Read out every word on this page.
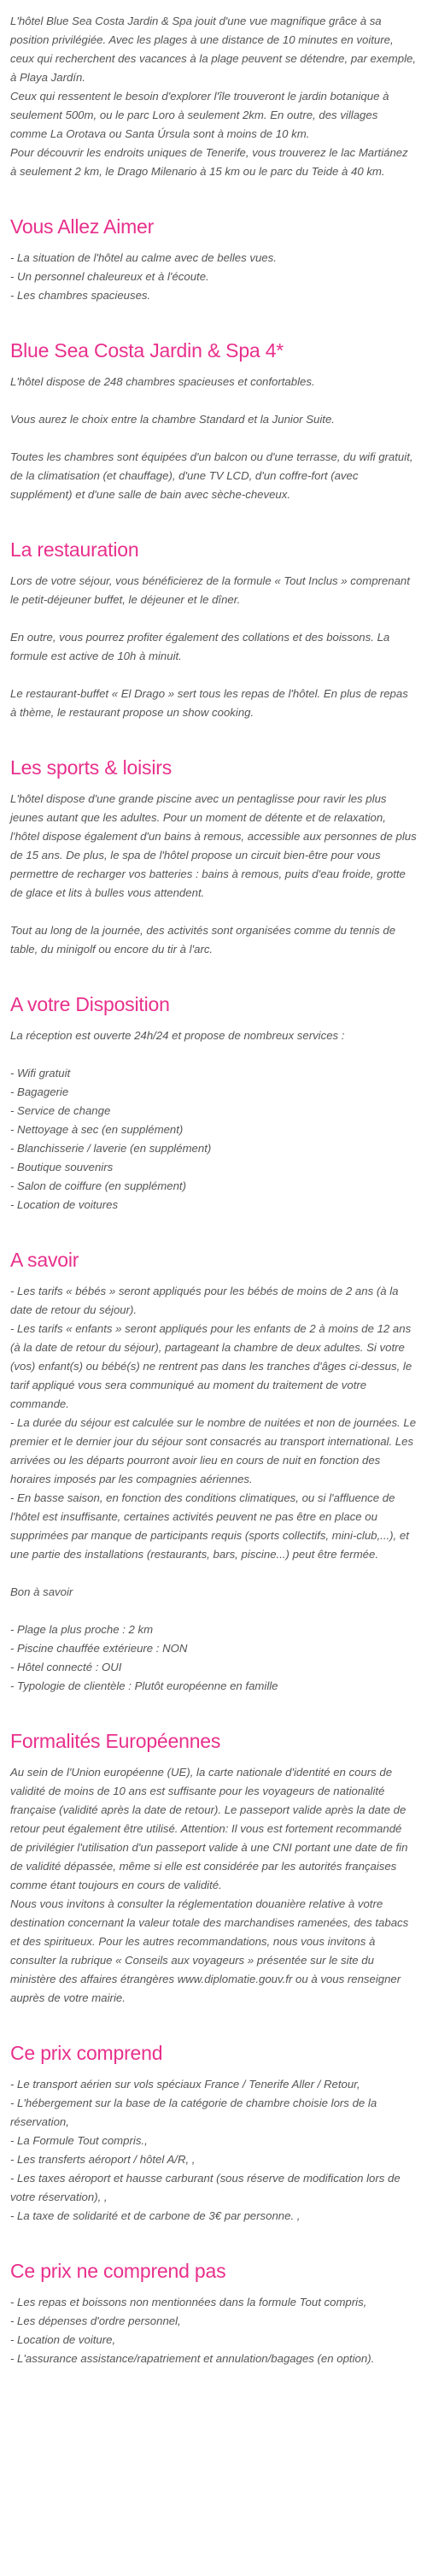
L'hôtel Blue Sea Costa Jardin & Spa jouit d'une vue magnifique grâce à sa position privilégiée. Avec les plages à une distance de 10 minutes en voiture, ceux qui recherchent des vacances à la plage peuvent se détendre, par exemple, à Playa Jardín.

Ceux qui ressentent le besoin d'explorer l'île trouveront le jardin botanique à seulement 500m, ou le parc Loro à seulement 2km. En outre, des villages comme La Orotava ou Santa Úrsula sont à moins de 10 km.

Pour découvrir les endroits uniques de Tenerife, vous trouverez le lac Martiánez à seulement 2 km, le Drago Milenario à 15 km ou le parc du Teide à 40 km.

Vous Allez Aimer

- La situation de l'hôtel au calme avec de belles vues.

- Un personnel chaleureux et à l'écoute.

- Les chambres spacieuses.

Blue Sea Costa Jardin & Spa 4*

L'hôtel dispose de 248 chambres spacieuses et confortables.

Vous aurez le choix entre la chambre Standard et la Junior Suite.

Toutes les chambres sont équipées d'un balcon ou d'une terrasse, du wifi gratuit, de la climatisation (et chauffage), d'une TV LCD, d'un coffre-fort (avec supplément) et d'une salle de bain avec sèche-cheveux.

La restauration

Lors de votre séjour, vous bénéficierez de la formule « Tout Inclus » comprenant le petit-déjeuner buffet, le déjeuner et le dîner.

En outre, vous pourrez profiter également des collations et des boissons. La formule est active de 10h à minuit.

Le restaurant-buffet « El Drago » sert tous les repas de l'hôtel. En plus de repas à thème, le restaurant propose un show cooking.

Les sports & loisirs

L'hôtel dispose d'une grande piscine avec un pentaglisse pour ravir les plus jeunes autant que les adultes. Pour un moment de détente et de relaxation, l'hôtel dispose également d'un bains à remous, accessible aux personnes de plus de 15 ans. De plus, le spa de l'hôtel propose un circuit bien-être pour vous permettre de recharger vos batteries : bains à remous, puits d'eau froide, grotte de glace et lits à bulles vous attendent.

Tout au long de la journée, des activités sont organisées comme du tennis de table, du minigolf ou encore du tir à l'arc.

A votre Disposition

La réception est ouverte 24h/24 et propose de nombreux services :

- Wifi gratuit

- Bagagerie

- Service de change

- Nettoyage à sec (en supplément)

- Blanchisserie / laverie (en supplément)

- Boutique souvenirs

- Salon de coiffure (en supplément)

- Location de voitures

A savoir

- Les tarifs « bébés » seront appliqués pour les bébés de moins de 2 ans (à la date de retour du séjour).

- Les tarifs « enfants » seront appliqués pour les enfants de 2 à moins de 12 ans (à la date de retour du séjour), partageant la chambre de deux adultes. Si votre (vos) enfant(s) ou bébé(s) ne rentrent pas dans les tranches d'âges ci-dessus, le tarif appliqué vous sera communiqué au moment du traitement de votre commande.

- La durée du séjour est calculée sur le nombre de nuitées et non de journées. Le premier et le dernier jour du séjour sont consacrés au transport international. Les arrivées ou les départs pourront avoir lieu en cours de nuit en fonction des horaires imposés par les compagnies aériennes.

- En basse saison, en fonction des conditions climatiques, ou si l'affluence de l'hôtel est insuffisante, certaines activités peuvent ne pas être en place ou supprimées par manque de participants requis (sports collectifs, mini-club,...), et une partie des installations (restaurants, bars, piscine...) peut être fermée.

Bon à savoir

- Plage la plus proche : 2 km

- Piscine chauffée extérieure : NON

- Hôtel connecté : OUI

- Typologie de clientèle : Plutôt européenne en famille

Formalités Européennes

Au sein de l'Union européenne (UE), la carte nationale d'identité en cours de validité de moins de 10 ans est suffisante pour les voyageurs de nationalité française (validité après la date de retour). Le passeport valide après la date de retour peut également être utilisé. Attention: Il vous est fortement recommandé de privilégier l'utilisation d'un passeport valide à une CNI portant une date de fin de validité dépassée, même si elle est considérée par les autorités françaises comme étant toujours en cours de validité.

Nous vous invitons à consulter la réglementation douanière relative à votre destination concernant la valeur totale des marchandises ramenées, des tabacs et des spiritueux. Pour les autres recommandations, nous vous invitons à consulter la rubrique « Conseils aux voyageurs » présentée sur le site du ministère des affaires étrangères www.diplomatie.gouv.fr ou à vous renseigner auprès de votre mairie.

Ce prix comprend

- Le transport aérien sur vols spéciaux France / Tenerife Aller / Retour,

- L'hébergement sur la base de la catégorie de chambre choisie lors de la réservation,

- La Formule Tout compris.,

- Les transferts aéroport / hôtel A/R, ,

- Les taxes aéroport et hausse carburant (sous réserve de modification lors de votre réservation), ,

- La taxe de solidarité et de carbone de 3€ par personne. ,

Ce prix ne comprend pas

- Les repas et boissons non mentionnées dans la formule Tout compris,

- Les dépenses d'ordre personnel,

- Location de voiture,

- L'assurance assistance/rapatriement et annulation/bagages (en option).
